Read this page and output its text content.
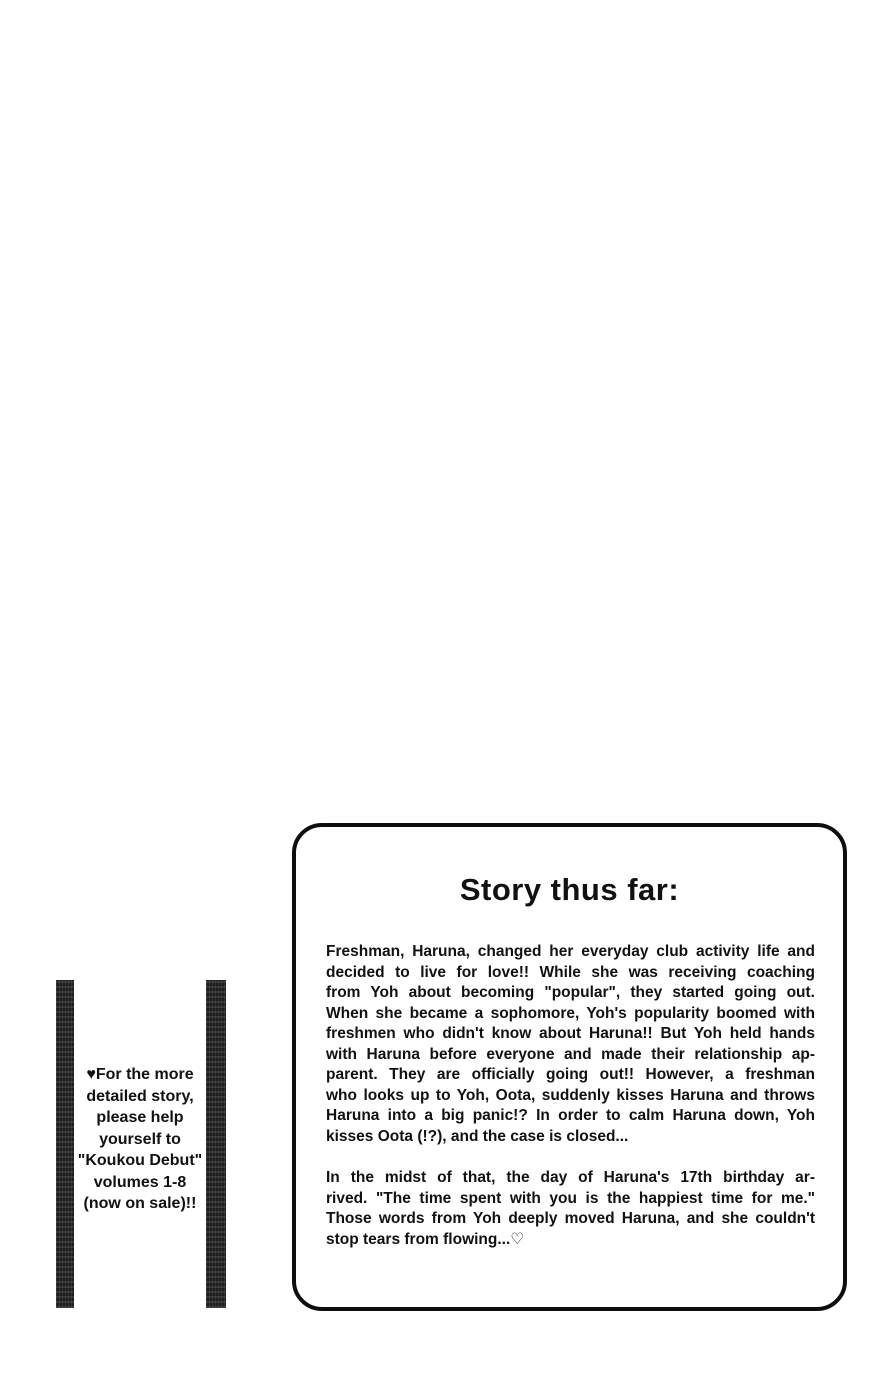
♥For the more
detailed story,
please help
yourself to
"Koukou Debut"
volumes 1-8
(now on sale)!!
Story thus far:
Freshman, Haruna, changed her everyday club activity life and
decided to live for love!! While she was receiving coaching
from Yoh about becoming "popular", they started going out.
When she became a sophomore, Yoh's popularity boomed with
freshmen who didn't know about Haruna!! But Yoh held hands
with Haruna before everyone and made their relationship ap-
parent. They are officially going out!! However, a freshman
who looks up to Yoh, Oota, suddenly kisses Haruna and throws
Haruna into a big panic!? In order to calm Haruna down, Yoh
kisses Oota (!?), and the case is closed...
In the midst of that, the day of Haruna's 17th birthday ar-
rived. "The time spent with you is the happiest time for me."
Those words from Yoh deeply moved Haruna, and she couldn't
stop tears from flowing...♡
